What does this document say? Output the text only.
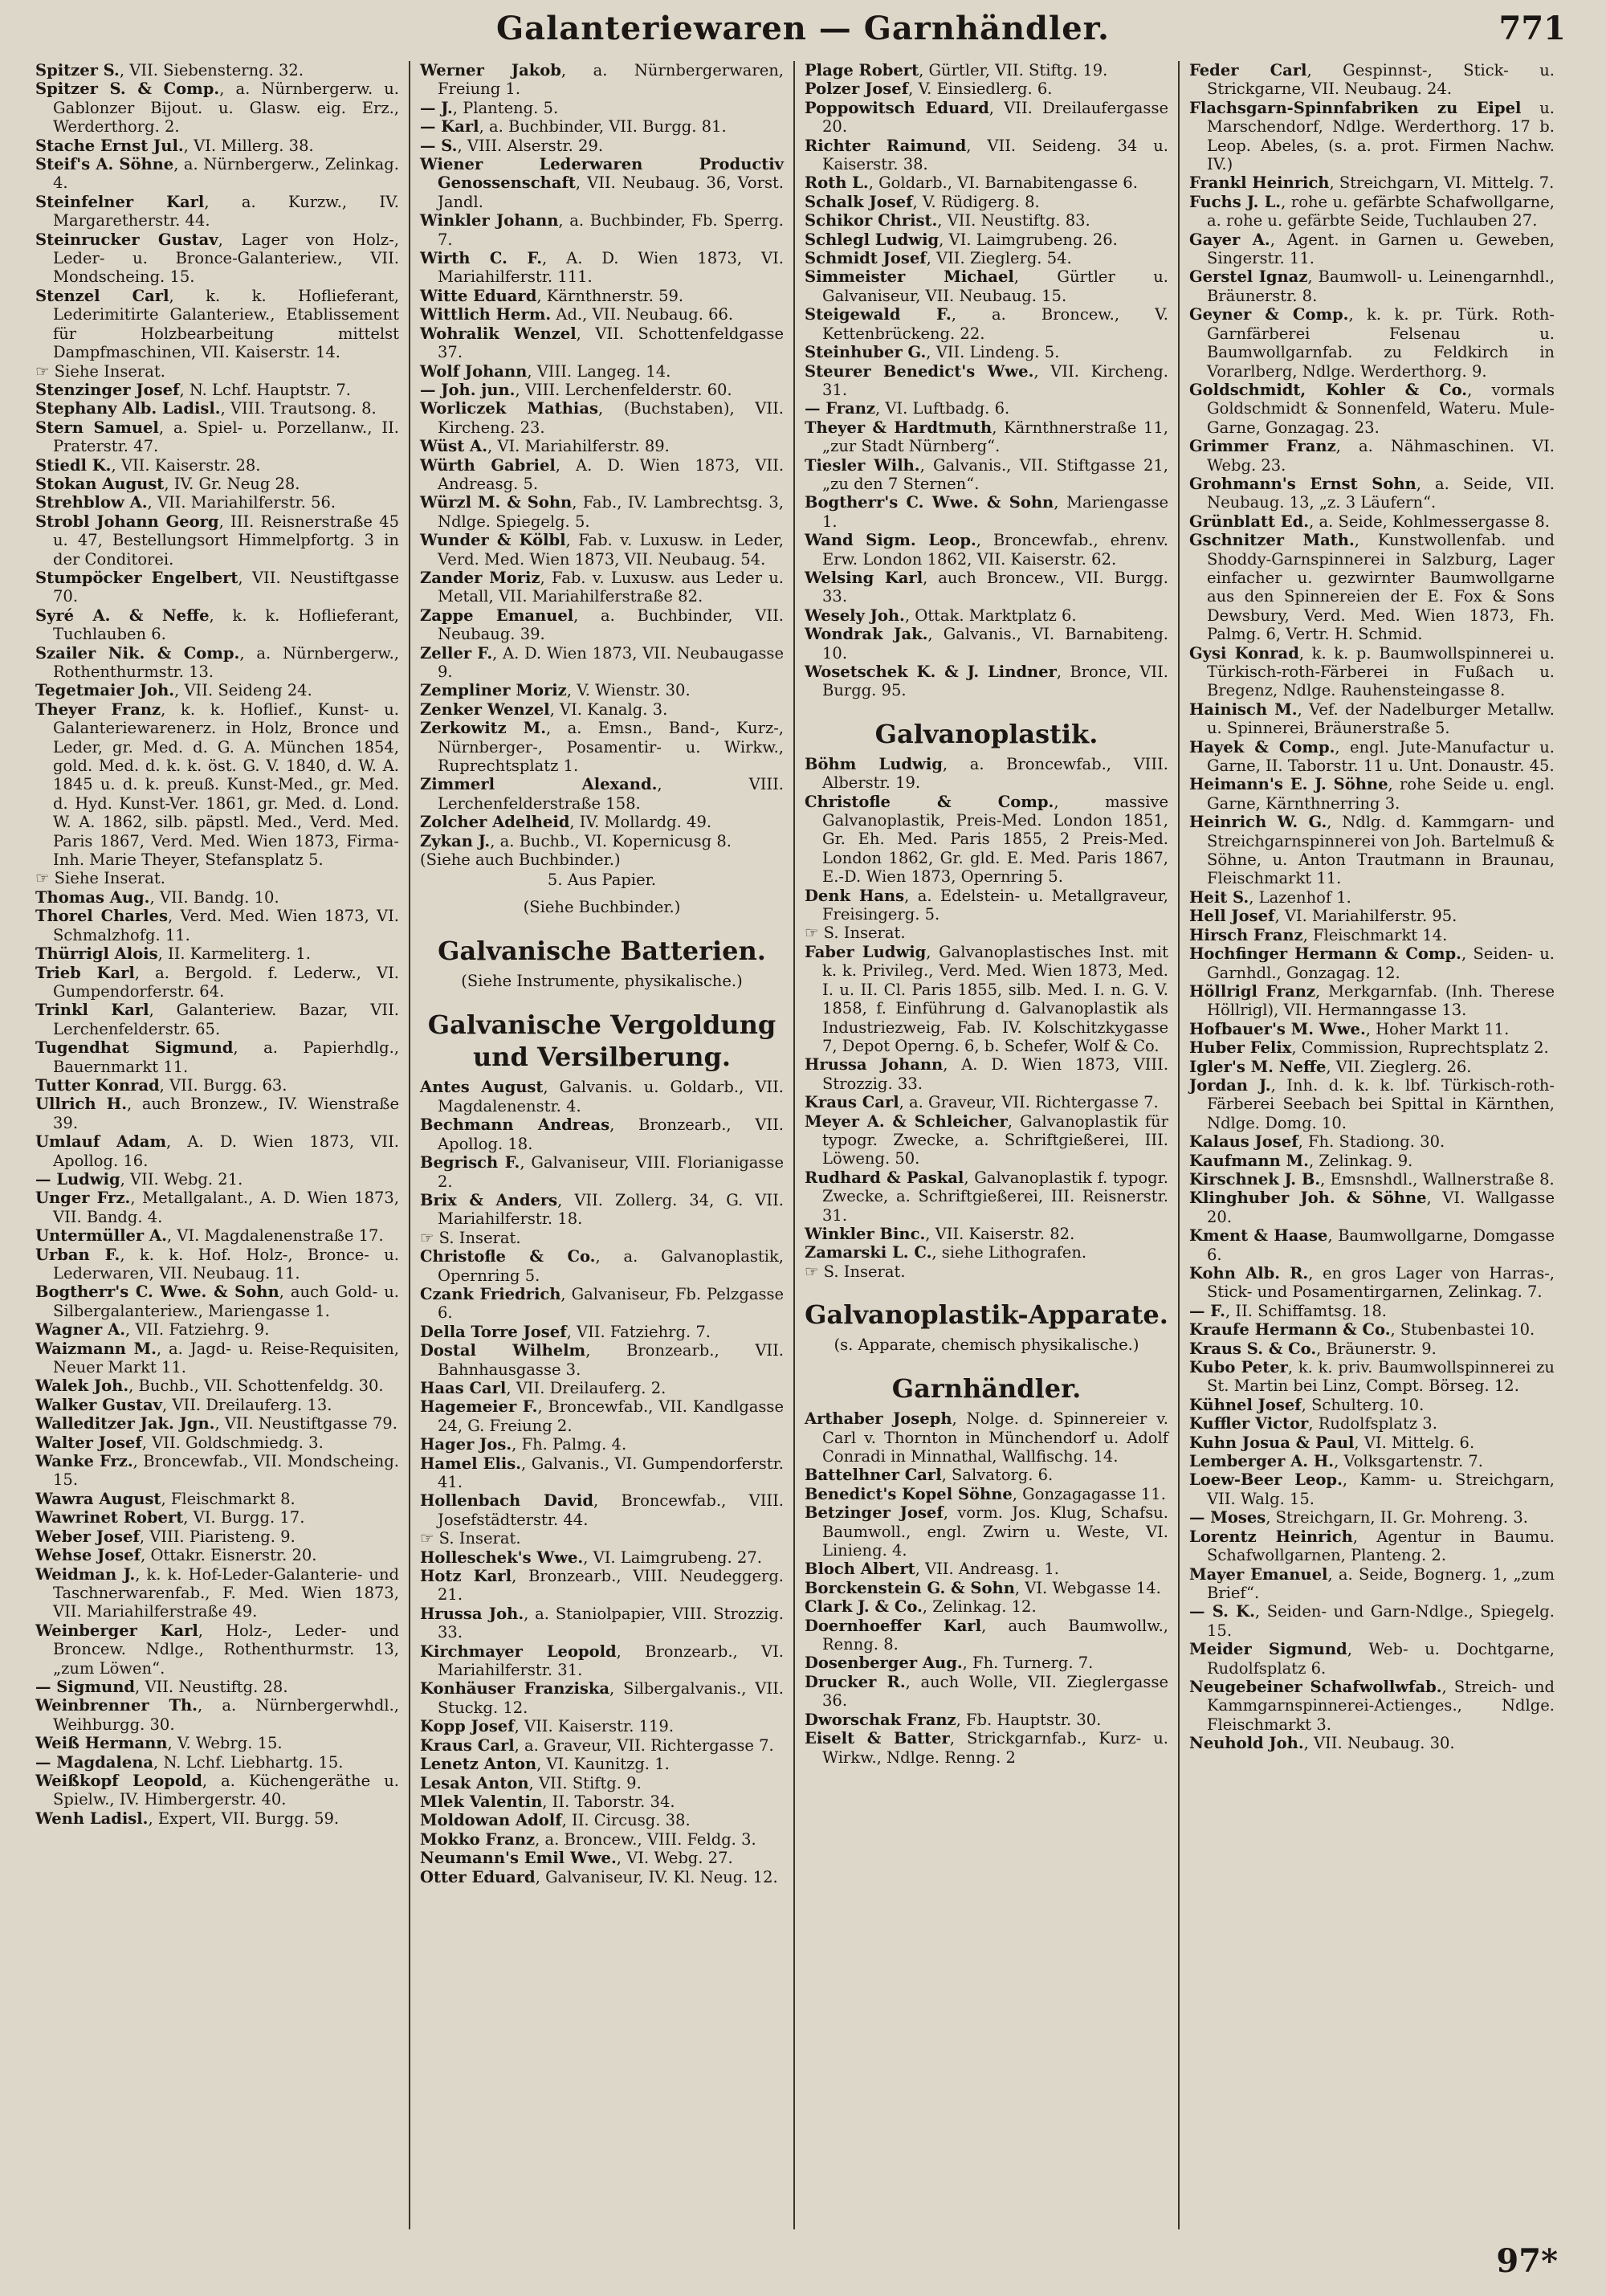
Galanteriewaren — Garnhändler.	771

Spitzer S., VII. Siebensterng. 32.

Spitzer S. & Comp., a. Nürnbergerw. u. Gablonzer Bijout. u. Glasw. eig. Erz., Werderthorg. 2.

Stache Ernst Jul., VI. Millerg. 38.

Steif's A. Söhne, a. Nürnbergerw., Zelinkag. 4.

Steinfelner Karl, a. Kurzw., IV. Margaretherstr. 44.

Steinrucker Gustav, Lager von Holz-, Leder- u. Bronce-Galanteriew., VII. Mondscheing. 15.

Stenzel Carl, k. k. Hoflieferant, Lederimitirte Galanteriew., Etablissement für Holzbearbeitung mittelst Dampfmaschinen, VII. Kaiserstr. 14.

☞ Siehe Inserat.

Stenzinger Josef, N. Lchf. Hauptstr. 7.

Stephany Alb. Ladisl., VIII. Trautsong. 8.

Stern Samuel, a. Spiel- u. Porzellanw., II. Praterstr. 47.

Stiedl K., VII. Kaiserstr. 28.

Stokan August, IV. Gr. Neug 28.

Strehblow A., VII. Mariahilferstr. 56.

Strobl Johann Georg, III. Reisnerstraße 45 u. 47, Bestellungsort Himmelpfortg. 3 in der Conditorei.

Stumpöcker Engelbert, VII. Neustiftgasse 70.

Syré A. & Neffe, k. k. Hoflieferant, Tuchlauben 6.

Szailer Nik. & Comp., a. Nürnbergerw., Rothenthurmstr. 13.

Tegetmaier Joh., VII. Seideng 24.

Theyer Franz, k. k. Hoflief., Kunst- u. Galanteriewarenerz. in Holz, Bronce und Leder, gr. Med. d. G. A. München 1854, gold. Med. d. k. k. öst. G. V. 1840, d. W. A. 1845 u. d. k. preuß. Kunst-Med., gr. Med. d. Hyd. Kunst-Ver. 1861, gr. Med. d. Lond. W. A. 1862, silb. päpstl. Med., Verd. Med. Paris 1867, Verd. Med. Wien 1873, Firma-Inh. Marie Theyer, Stefansplatz 5.

☞ Siehe Inserat.

Thomas Aug., VII. Bandg. 10.

Thorel Charles, Verd. Med. Wien 1873, VI. Schmalzhofg. 11.

Thürrigl Alois, II. Karmeliterg. 1.

Trieb Karl, a. Bergold. f. Lederw., VI. Gumpendorferstr. 64.

Trinkl Karl, Galanteriew. Bazar, VII. Lerchenfelderstr. 65.

Tugendhat Sigmund, a. Papierhdlg., Bauernmarkt 11.

Tutter Konrad, VII. Burgg. 63.

Ullrich H., auch Bronzew., IV. Wienstraße 39.

Umlauf Adam, A. D. Wien 1873, VII. Apollog. 16.

— Ludwig, VII. Webg. 21.

Unger Frz., Metallgalant., A. D. Wien 1873, VII. Bandg. 4.

Untermüller A., VI. Magdalenenstraße 17.

Urban F., k. k. Hof. Holz-, Bronce- u. Lederwaren, VII. Neubaug. 11.

Bogtherr's C. Wwe. & Sohn, auch Gold- u. Silbergalanteriew., Mariengasse 1.

Wagner A., VII. Fatziehrg. 9.

Waizmann M., a. Jagd- u. Reise-Requisiten, Neuer Markt 11.

Walek Joh., Buchb., VII. Schottenfeldg. 30.

Walker Gustav, VII. Dreilauferg. 13.

Walleditzer Jak. Jgn., VII. Neustiftgasse 79.

Walter Josef, VII. Goldschmiedg. 3.

Wanke Frz., Broncewfab., VII. Mondscheing. 15.

Wawra August, Fleischmarkt 8.

Wawrinet Robert, VI. Burgg. 17.

Weber Josef, VIII. Piaristeng. 9.

Wehse Josef, Ottakr. Eisnerstr. 20.

Weidman J., k. k. Hof-Leder-Galanterie- und Taschnerwarenfab., F. Med. Wien 1873, VII. Mariahilferstraße 49.

Weinberger Karl, Holz-, Leder- und Broncew. Ndlge., Rothenthurmstr. 13, „zum Löwen“.

— Sigmund, VII. Neustiftg. 28.

Weinbrenner Th., a. Nürnbergerwhdl., Weihburgg. 30.

Weiß Hermann, V. Webrg. 15.

— Magdalena, N. Lchf. Liebhartg. 15.

Weißkopf Leopold, a. Küchengeräthe u. Spielw., IV. Himbergerstr. 40.

Wenh Ladisl., Expert, VII. Burgg. 59.

Werner Jakob, a. Nürnbergerwaren, Freiung 1.

— J., Planteng. 5.

— Karl, a. Buchbinder, VII. Burgg. 81.

— S., VIII. Alserstr. 29.

Wiener Lederwaren Productiv Genossenschaft, VII. Neubaug. 36, Vorst. Jandl.

Winkler Johann, a. Buchbinder, Fb. Sperrg. 7.

Wirth C. F., A. D. Wien 1873, VI. Mariahilferstr. 111.

Witte Eduard, Kärnthnerstr. 59.

Wittlich Herm. Ad., VII. Neubaug. 66.

Wohralik Wenzel, VII. Schottenfeldgasse 37.

Wolf Johann, VIII. Langeg. 14.

— Joh. jun., VIII. Lerchenfelderstr. 60.

Worliczek Mathias, (Buchstaben), VII. Kircheng. 23.

Wüst A., VI. Mariahilferstr. 89.

Würth Gabriel, A. D. Wien 1873, VII. Andreasg. 5.

Würzl M. & Sohn, Fab., IV. Lambrechtsg. 3, Ndlge. Spiegelg. 5.

Wunder & Kölbl, Fab. v. Luxusw. in Leder, Verd. Med. Wien 1873, VII. Neubaug. 54.

Zander Moriz, Fab. v. Luxusw. aus Leder u. Metall, VII. Mariahilferstraße 82.

Zappe Emanuel, a. Buchbinder, VII. Neubaug. 39.

Zeller F., A. D. Wien 1873, VII. Neubaugasse 9.

Zempliner Moriz, V. Wienstr. 30.

Zenker Wenzel, VI. Kanalg. 3.

Zerkowitz M., a. Emsn., Band-, Kurz-, Nürnberger-, Posamentir- u. Wirkw., Ruprechtsplatz 1.

Zimmerl Alexand., VIII. Lerchenfelderstraße 158.

Zolcher Adelheid, IV. Mollardg. 49.

Zykan J., a. Buchb., VI. Kopernicusg 8.

(Siehe auch Buchbinder.)

5. Aus Papier.
(Siehe Buchbinder.)
Galvanische Batterien.
(Siehe Instrumente, physikalische.)
Galvanische Vergoldung und Versilberung.

Antes August, Galvanis. u. Goldarb., VII. Magdalenenstr. 4.

Bechmann Andreas, Bronzearb., VII. Apollog. 18.

Begrisch F., Galvaniseur, VIII. Florianigasse 2.

Brix & Anders, VII. Zollerg. 34, G. VII. Mariahilferstr. 18.

☞ S. Inserat.

Christofle & Co., a. Galvanoplastik, Opernring 5.

Czank Friedrich, Galvaniseur, Fb. Pelzgasse 6.

Della Torre Josef, VII. Fatziehrg. 7.

Dostal Wilhelm, Bronzearb., VII. Bahnhausgasse 3.

Haas Carl, VII. Dreilauferg. 2.

Hagemeier F., Broncewfab., VII. Kandlgasse 24, G. Freiung 2.

Hager Jos., Fh. Palmg. 4.

Hamel Elis., Galvanis., VI. Gumpendorferstr. 41.

Hollenbach David, Broncewfab., VIII. Josefstädterstr. 44.

☞ S. Inserat.

Holleschek's Wwe., VI. Laimgrubeng. 27.

Hotz Karl, Bronzearb., VIII. Neudeggerg. 21.

Hrussa Joh., a. Staniolpapier, VIII. Strozzig. 33.

Kirchmayer Leopold, Bronzearb., VI. Mariahilferstr. 31.

Konhäuser Franziska, Silbergalvanis., VII. Stuckg. 12.

Kopp Josef, VII. Kaiserstr. 119.

Kraus Carl, a. Graveur, VII. Richtergasse 7.

Lenetz Anton, VI. Kaunitzg. 1.

Lesak Anton, VII. Stiftg. 9.

Mlek Valentin, II. Taborstr. 34.

Moldowan Adolf, II. Circusg. 38.

Mokko Franz, a. Broncew., VIII. Feldg. 3.

Neumann's Emil Wwe., VI. Webg. 27.

Otter Eduard, Galvaniseur, IV. Kl. Neug. 12.

Plage Robert, Gürtler, VII. Stiftg. 19.

Polzer Josef, V. Einsiedlerg. 6.

Poppowitsch Eduard, VII. Dreilaufergasse 20.

Richter Raimund, VII. Seideng. 34 u. Kaiserstr. 38.

Roth L., Goldarb., VI. Barnabitengasse 6.

Schalk Josef, V. Rüdigerg. 8.

Schikor Christ., VII. Neustiftg. 83.

Schlegl Ludwig, VI. Laimgrubeng. 26.

Schmidt Josef, VII. Zieglerg. 54.

Simmeister Michael, Gürtler u. Galvaniseur, VII. Neubaug. 15.

Steigewald F., a. Broncew., V. Kettenbrückeng. 22.

Steinhuber G., VII. Lindeng. 5.

Steurer Benedict's Wwe., VII. Kircheng. 31.

— Franz, VI. Luftbadg. 6.

Theyer & Hardtmuth, Kärnthnerstraße 11, „zur Stadt Nürnberg“.

Tiesler Wilh., Galvanis., VII. Stiftgasse 21, „zu den 7 Sternen“.

Bogtherr's C. Wwe. & Sohn, Mariengasse 1.

Wand Sigm. Leop., Broncewfab., ehrenv. Erw. London 1862, VII. Kaiserstr. 62.

Welsing Karl, auch Broncew., VII. Burgg. 33.

Wesely Joh., Ottak. Marktplatz 6.

Wondrak Jak., Galvanis., VI. Barnabiteng. 10.

Wosetschek K. & J. Lindner, Bronce, VII. Burgg. 95.

Galvanoplastik.

Böhm Ludwig, a. Broncewfab., VIII. Alberstr. 19.

Christofle & Comp., massive Galvanoplastik, Preis-Med. London 1851, Gr. Eh. Med. Paris 1855, 2 Preis-Med. London 1862, Gr. gld. E. Med. Paris 1867, E.-D. Wien 1873, Opernring 5.

Denk Hans, a. Edelstein- u. Metallgraveur, Freisingerg. 5.

☞ S. Inserat.

Faber Ludwig, Galvanoplastisches Inst. mit k. k. Privileg., Verd. Med. Wien 1873, Med. I. u. II. Cl. Paris 1855, silb. Med. I. n. G. V. 1858, f. Einführung d. Galvanoplastik als Industriezweig, Fab. IV. Kolschitzkygasse 7, Depot Operng. 6, b. Schefer, Wolf & Co.

Hrussa Johann, A. D. Wien 1873, VIII. Strozzig. 33.

Kraus Carl, a. Graveur, VII. Richtergasse 7.

Meyer A. & Schleicher, Galvanoplastik für typogr. Zwecke, a. Schriftgießerei, III. Löweng. 50.

Rudhard & Paskal, Galvanoplastik f. typogr. Zwecke, a. Schriftgießerei, III. Reisnerstr. 31.

Winkler Binc., VII. Kaiserstr. 82.

Zamarski L. C., siehe Lithografen.

☞ S. Inserat.

Galvanoplastik-Apparate.
(s. Apparate, chemisch physikalische.)
Garnhändler.

Arthaber Joseph, Nolge. d. Spinnereier v. Carl v. Thornton in Münchendorf u. Adolf Conradi in Minnathal, Wallfischg. 14.

Battelhner Carl, Salvatorg. 6.

Benedict's Kopel Söhne, Gonzagagasse 11.

Betzinger Josef, vorm. Jos. Klug, Schafsu. Baumwoll., engl. Zwirn u. Weste, VI. Linieng. 4.

Bloch Albert, VII. Andreasg. 1.

Borckenstein G. & Sohn, VI. Webgasse 14.

Clark J. & Co., Zelinkag. 12.

Doernhoeffer Karl, auch Baumwollw., Renng. 8.

Dosenberger Aug., Fh. Turnerg. 7.

Drucker R., auch Wolle, VII. Zieglergasse 36.

Dworschak Franz, Fb. Hauptstr. 30.

Eiselt & Batter, Strickgarnfab., Kurz- u. Wirkw., Ndlge. Renng. 2

Feder Carl, Gespinnst-, Stick- u. Strickgarne, VII. Neubaug. 24.

Flachsgarn-Spinnfabriken zu Eipel u. Marschendorf, Ndlge. Werderthorg. 17 b. Leop. Abeles, (s. a. prot. Firmen Nachw. IV.)

Frankl Heinrich, Streichgarn, VI. Mittelg. 7.

Fuchs J. L., rohe u. gefärbte Schafwollgarne, a. rohe u. gefärbte Seide, Tuchlauben 27.

Gayer A., Agent. in Garnen u. Geweben, Singerstr. 11.

Gerstel Ignaz, Baumwoll- u. Leinengarnhdl., Bräunerstr. 8.

Geyner & Comp., k. k. pr. Türk. Roth-Garnfärberei Felsenau u. Baumwollgarnfab. zu Feldkirch in Vorarlberg, Ndlge. Werderthorg. 9.

Goldschmidt, Kohler & Co., vormals Goldschmidt & Sonnenfeld, Wateru. Mule-Garne, Gonzagag. 23.

Grimmer Franz, a. Nähmaschinen. VI. Webg. 23.

Grohmann's Ernst Sohn, a. Seide, VII. Neubaug. 13, „z. 3 Läufern“.

Grünblatt Ed., a. Seide, Kohlmessergasse 8.

Gschnitzer Math., Kunstwollenfab. und Shoddy-Garnspinnerei in Salzburg, Lager einfacher u. gezwirnter Baumwollgarne aus den Spinnereien der E. Fox & Sons Dewsbury, Verd. Med. Wien 1873, Fh. Palmg. 6, Vertr. H. Schmid.

Gysi Konrad, k. k. p. Baumwollspinnerei u. Türkisch-roth-Färberei in Fußach u. Bregenz, Ndlge. Rauhensteingasse 8.

Hainisch M., Vef. der Nadelburger Metallw. u. Spinnerei, Bräunerstraße 5.

Hayek & Comp., engl. Jute-Manufactur u. Garne, II. Taborstr. 11 u. Unt. Donaustr. 45.

Heimann's E. J. Söhne, rohe Seide u. engl. Garne, Kärnthnerring 3.

Heinrich W. G., Ndlg. d. Kammgarn- und Streichgarnspinnerei von Joh. Bartelmuß & Söhne, u. Anton Trautmann in Braunau, Fleischmarkt 11.

Heit S., Lazenhof 1.

Hell Josef, VI. Mariahilferstr. 95.

Hirsch Franz, Fleischmarkt 14.

Hochfinger Hermann & Comp., Seiden- u. Garnhdl., Gonzagag. 12.

Höllrigl Franz, Merkgarnfab. (Inh. Therese Höllrigl), VII. Hermanngasse 13.

Hofbauer's M. Wwe., Hoher Markt 11.

Huber Felix, Commission, Ruprechtsplatz 2.

Igler's M. Neffe, VII. Zieglerg. 26.

Jordan J., Inh. d. k. k. lbf. Türkisch-roth-Färberei Seebach bei Spittal in Kärnthen, Ndlge. Domg. 10.

Kalaus Josef, Fh. Stadiong. 30.

Kaufmann M., Zelinkag. 9.

Kirschnek J. B., Emsnshdl., Wallnerstraße 8.

Klinghuber Joh. & Söhne, VI. Wallgasse 20.

Kment & Haase, Baumwollgarne, Domgasse 6.

Kohn Alb. R., en gros Lager von Harras-, Stick- und Posamentirgarnen, Zelinkag. 7.

— F., II. Schiffamtsg. 18.

Kraufe Hermann & Co., Stubenbastei 10.

Kraus S. & Co., Bräunerstr. 9.

Kubo Peter, k. k. priv. Baumwollspinnerei zu St. Martin bei Linz, Compt. Börseg. 12.

Kühnel Josef, Schulterg. 10.

Kuffler Victor, Rudolfsplatz 3.

Kuhn Josua & Paul, VI. Mittelg. 6.

Lemberger A. H., Volksgartenstr. 7.

Loew-Beer Leop., Kamm- u. Streichgarn, VII. Walg. 15.

— Moses, Streichgarn, II. Gr. Mohreng. 3.

Lorentz Heinrich, Agentur in Baumu. Schafwollgarnen, Planteng. 2.

Mayer Emanuel, a. Seide, Bognerg. 1, „zum Brief“.

— S. K., Seiden- und Garn-Ndlge., Spiegelg. 15.

Meider Sigmund, Web- u. Dochtgarne, Rudolfsplatz 6.

Neugebeiner Schafwollwfab., Streich- und Kammgarnspinnerei-Actienges., Ndlge. Fleischmarkt 3.

Neuhold Joh., VII. Neubaug. 30.

97*
